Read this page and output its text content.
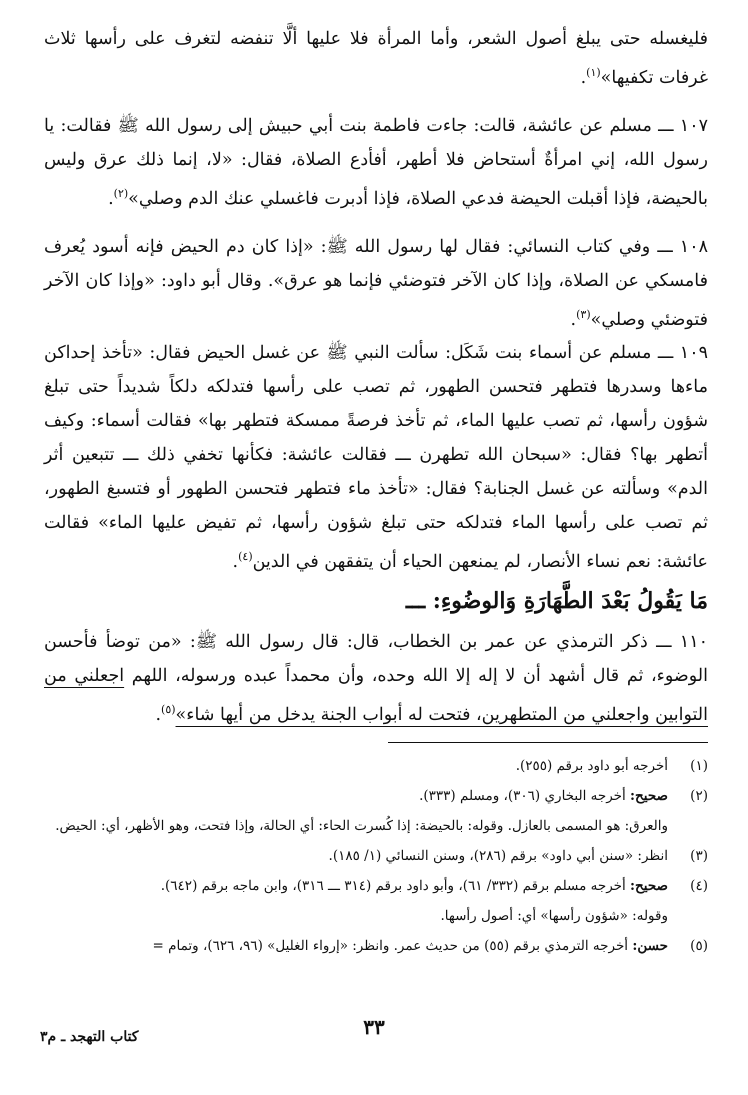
فليغسله حتى يبلغ أصول الشعر، وأما المرأة فلا عليها ألَّا تنفضه لتغرف على رأسها ثلاث غرفات تكفيها»$^{(١)}$.

١٠٧ ـــ مسلم عن عائشة، قالت: جاءت فاطمة بنت أبي حبيش إلى رسول الله ﷺ فقالت: يا رسول الله، إني امرأةٌ أستحاض فلا أطهر، أفأدع الصلاة، فقال: «لا، إنما ذلك عرق وليس بالحيضة، فإذا أقبلت الحيضة فدعي الصلاة، فإذا أدبرت فاغسلي عنك الدم وصلي»$^{(٢)}$.

١٠٨ ـــ وفي كتاب النسائي: فقال لها رسول الله ﷺ: «إذا كان دم الحيض فإنه أسود يُعرف فامسكي عن الصلاة، وإذا كان الآخر فتوضئي فإنما هو عرق». وقال أبو داود: «وإذا كان الآخر فتوضئي وصلي»$^{(٣)}$.

١٠٩ ـــ مسلم عن أسماء بنت شَكَل: سألت النبي ﷺ عن غسل الحيض فقال: «تأخذ إحداكن ماءها وسدرها فتطهر فتحسن الطهور، ثم تصب على رأسها فتدلكه دلكاً شديداً حتى تبلغ شؤون رأسها، ثم تصب عليها الماء، ثم تأخذ فرصةً ممسكة فتطهر بها» فقالت أسماء: وكيف أتطهر بها؟ فقال: «سبحان الله تطهرن ـــ فقالت عائشة: فكأنها تخفي ذلك ـــ تتبعين أثر الدم» وسألته عن غسل الجنابة؟ فقال: «تأخذ ماء فتطهر فتحسن الطهور أو فتسبغ الطهور، ثم تصب على رأسها الماء فتدلكه حتى تبلغ شؤون رأسها، ثم تفيض عليها الماء» فقالت عائشة: نعم نساء الأنصار، لم يمنعهن الحياء أن يتفقهن في الدين$^{(٤)}$.

مَا يَقُولُ بَعْدَ الطَّهَارَةِ وَالوضُوءِ: ـــ

١١٠ ـــ ذكر الترمذي عن عمر بن الخطاب، قال: قال رسول الله ﷺ: «من توضأ فأحسن الوضوء، ثم قال أشهد أن لا إله إلا الله وحده، وأن محمداً عبده ورسوله، اللهم اجعلني من التوابين واجعلني من المتطهرين، فتحت له أبواب الجنة يدخل من أيها شاء»$^{(٥)}$.

(١)
أخرجه أبو داود برقم (٢٥٥).

(٢)
صحيح: أخرجه البخاري (٣٠٦)، ومسلم (٣٣٣).

والعرق: هو المسمى بالعازل. وقوله: بالحيضة: إذا كُسرت الحاء: أي الحالة، وإذا فتحت، وهو الأظهر، أي: الحيض.

(٣)
انظر: «سنن أبي داود» برقم (٢٨٦)، وسنن النسائي (١/ ١٨٥).

(٤)
صحيح: أخرجه مسلم برقم (٣٣٢/ ٦١)، وأبو داود برقم (٣١٤ ـــ ٣١٦)، وابن ماجه برقم (٦٤٢).

وقوله: «شؤون رأسها» أي: أصول رأسها.

(٥)
حسن: أخرجه الترمذي برقم (٥٥) من حديث عمر. وانظر: «إرواء الغليل» (٩٦، ٦٢٦)، وتمام =

٣٣
كتاب التهجد ـ م٣
